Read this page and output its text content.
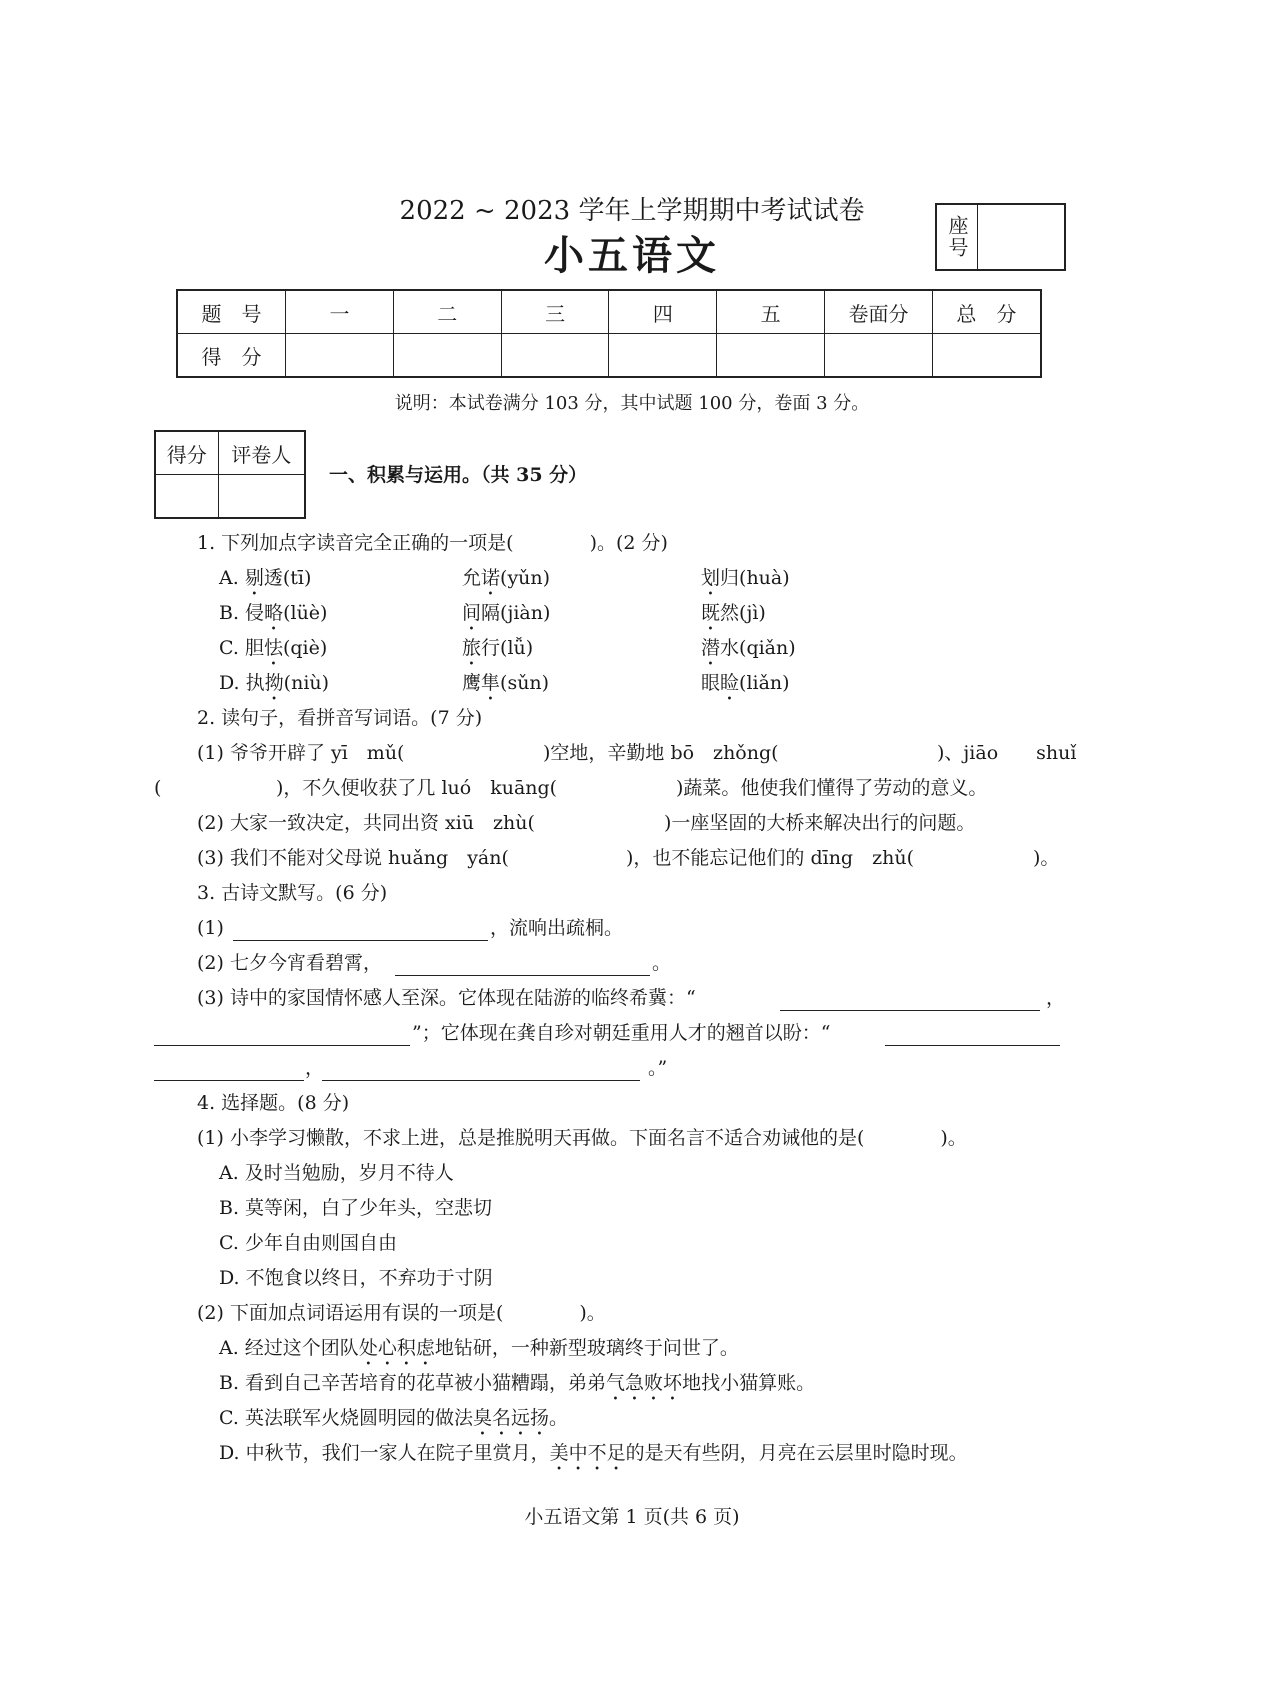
2022 ~ 2023 学年上学期期中考试试卷
小五语文	座号
题　号	一	二	三	四	五	卷面分	总　分
得　分							
说明：本试卷满分 103 分，其中试题 100 分，卷面 3 分。
得分	评卷人

一、积累与运用。（共 35 分）
1. 下列加点字读音完全正确的一项是(　　　　)。(2 分)
A. 剔透(tī)	允诺(yǔn)	划归(huà)
B. 侵略(lüè)	间隔(jiàn)	既然(jì)
C. 胆怯(qiè)	旅行(lǚ)	潜水(qiǎn)
D. 执拗(niù)	鹰隼(sǔn)	眼睑(liǎn)
2. 读句子，看拼音写词语。(7 分)
(1) 爷爷开辟了 yī　mǔ(	)空地，辛勤地 bō　zhǒng(	)、jiāo　　shuǐ
(	)，不久便收获了几 luó　kuāng(	)蔬菜。他使我们懂得了劳动的意义。
(2) 大家一致决定，共同出资 xiū　zhù(	)一座坚固的大桥来解决出行的问题。
(3) 我们不能对父母说 huǎng　yán(	)，也不能忘记他们的 dīng　zhǔ(	)。
3. 古诗文默写。(6 分)
(1)	，流响出疏桐。
(2) 七夕今宵看碧霄，	。
(3) 诗中的家国情怀感人至深。它体现在陆游的临终希冀：“	，
”；它体现在龚自珍对朝廷重用人才的翘首以盼：“
，	。”
4. 选择题。(8 分)
(1) 小李学习懒散，不求上进，总是推脱明天再做。下面名言不适合劝诫他的是(　　　　)。
A. 及时当勉励，岁月不待人
B. 莫等闲，白了少年头，空悲切
C. 少年自由则国自由
D. 不饱食以终日，不弃功于寸阴
(2) 下面加点词语运用有误的一项是(　　　　)。
A. 经过这个团队处心积虑地钻研，一种新型玻璃终于问世了。
B. 看到自己辛苦培育的花草被小猫糟蹋，弟弟气急败坏地找小猫算账。
C. 英法联军火烧圆明园的做法臭名远扬。
D. 中秋节，我们一家人在院子里赏月，美中不足的是天有些阴，月亮在云层里时隐时现。
小五语文第 1 页(共 6 页)
